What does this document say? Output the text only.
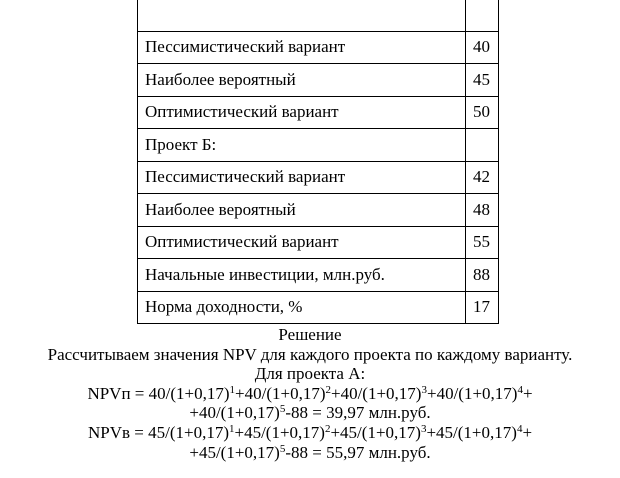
Пессимистический вариант	40
Наиболее вероятный	45
Оптимистический вариант	50
Проект Б:	
Пессимистический вариант	42
Наиболее вероятный	48
Оптимистический вариант	55
Начальные инвестиции, млн.руб.	88
Норма доходности, %	17

Решение

Рассчитываем значения NPV для каждого проекта по каждому варианту.

Для проекта А:

NPVп = $40/(1+0,17)^1+40/(1+0,17)^2+40/(1+0,17)^3+40/(1+0,17)^4+$

$+40/(1+0,17)^5-88 = 39,97$ млн.руб.

NPVв = $45/(1+0,17)^1+45/(1+0,17)^2+45/(1+0,17)^3+45/(1+0,17)^4+$

$+45/(1+0,17)^5-88 = 55,97$ млн.руб.
